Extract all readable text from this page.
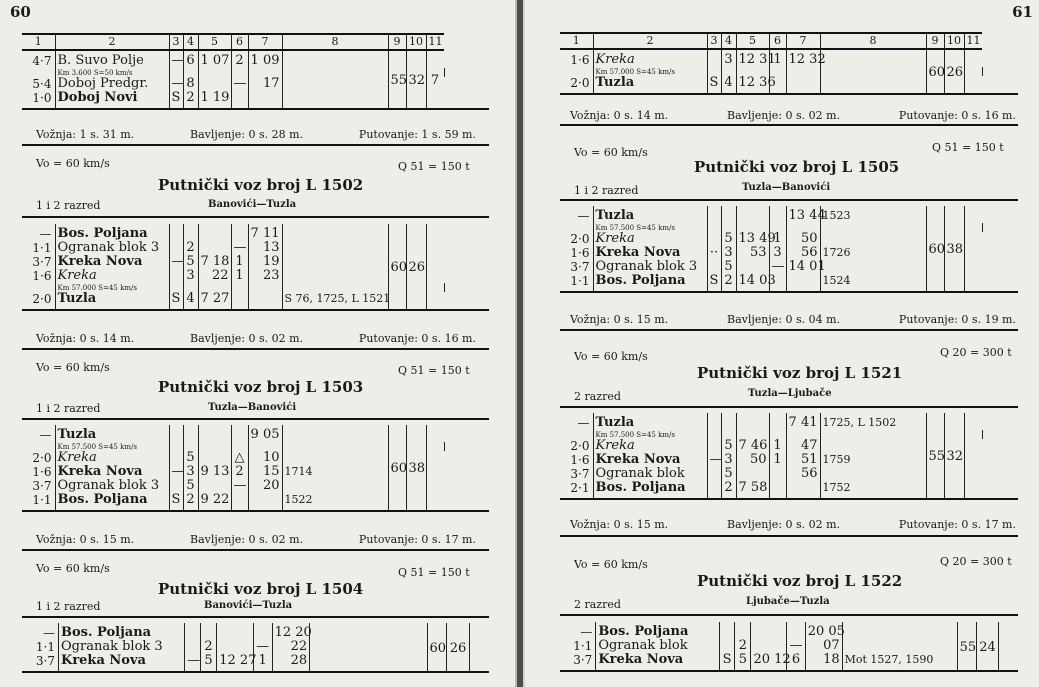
60
1	2	3	4	5	6	7	8	9	10	11	
4·7	B. Suvo Polje	—	6	1 07	2	1 09		55	32	7	

	Km 3.600 S=50 km/s										

5·4	Doboj Predgr.	—	8		—	17					
1·0	Doboj Novi	S	2	1 19							
Vožnja: 1 s. 31 m.	Bavljenje: 0 s. 28 m.	Putovanje: 1 s. 59 m.
Vo = 60 km/s	Q 51 = 150 t
Putnički voz broj L 1502
1 i 2 razred	Banovići—Tuzla
—	Bos. Poljana					7 11		60	26		
1·1	Ogranak blok 3		2		—	13					
3·7	Kreka Nova	—	5	7 18	1	19					
1·6	Kreka		3	22	1	23					

	Km 57.000 S=45 km/s										

2·0	Tuzla	S	4	7 27			S 76, 1725, L 1521				
Vožnja: 0 s. 14 m.	Bavljenje: 0 s. 02 m.	Putovanje: 0 s. 16 m.
Vo = 60 km/s	Q 51 = 150 t
Putnički voz broj L 1503
1 i 2 razred	Tuzla—Banovići
—	Tuzla					9 05		60	38		

	Km 57.500 S=45 km/s										

2·0	Kreka		5		△	10					
1·6	Kreka Nova	—	3	9 13	2	15	1714				
3·7	Ogranak blok 3		5		—	20					
1·1	Bos. Poljana	S	2	9 22			1522				
Vožnja: 0 s. 15 m.	Bavljenje: 0 s. 02 m.	Putovanje: 0 s. 17 m.
Vo = 60 km/s	Q 51 = 150 t
Putnički voz broj L 1504
1 i 2 razred	Banovići—Tuzla
—	Bos. Poljana					12 20		60	26	
1·1	Ogranak blok 3		2		—	22				
3·7	Kreka Nova	—	5	12 27	1	28				
61
1	2	3	4	5	6	7	8	9	10	11	
1·6	Kreka		3	12 31	1	12 32		60	26		

	Km 57.000 S=45 km/s										

2·0	Tuzla	S	4	12 36							
Vožnja: 0 s. 14 m.	Bavljenje: 0 s. 02 m.	Putovanje: 0 s. 16 m.
Vo = 60 km/s	Q 51 = 150 t
Putnički voz broj L 1505
1 i 2 razred	Tuzla—Banovići
—	Tuzla					13 44	1523	60	38		

	Km 57.500 S=45 km/s										

2·0	Kreka		5	13 49	1	50					
1·6	Kreka Nova	··	3	53	3	56	1726				
3·7	Ogranak blok 3		5		—	14 01					
1·1	Bos. Poljana	S	2	14 03			1524				
Vožnja: 0 s. 15 m.	Bavljenje: 0 s. 04 m.	Putovanje: 0 s. 19 m.
Vo = 60 km/s	Q 20 = 300 t
Putnički voz broj L 1521
2 razred	Tuzla—Ljubače
—	Tuzla					7 41	1725, L 1502	55	32		

	Km 57.500 S=45 km/s										

2·0	Kreka		5	7 46	1	47					
1·6	Kreka Nova	—	3	50	1	51	1759				
3·7	Ogranak blok		5			56					
2·1	Bos. Poljana		2	7 58			1752				
Vožnja: 0 s. 15 m.	Bavljenje: 0 s. 02 m.	Putovanje: 0 s. 17 m.
Vo = 60 km/s	Q 20 = 300 t
Putnički voz broj L 1522
2 razred	Ljubače—Tuzla
—	Bos. Poljana					20 05		55	24	
1·1	Ogranak blok		2		—	07				
3·7	Kreka Nova	S	5	20 12	6	18	Mot 1527, 1590			
